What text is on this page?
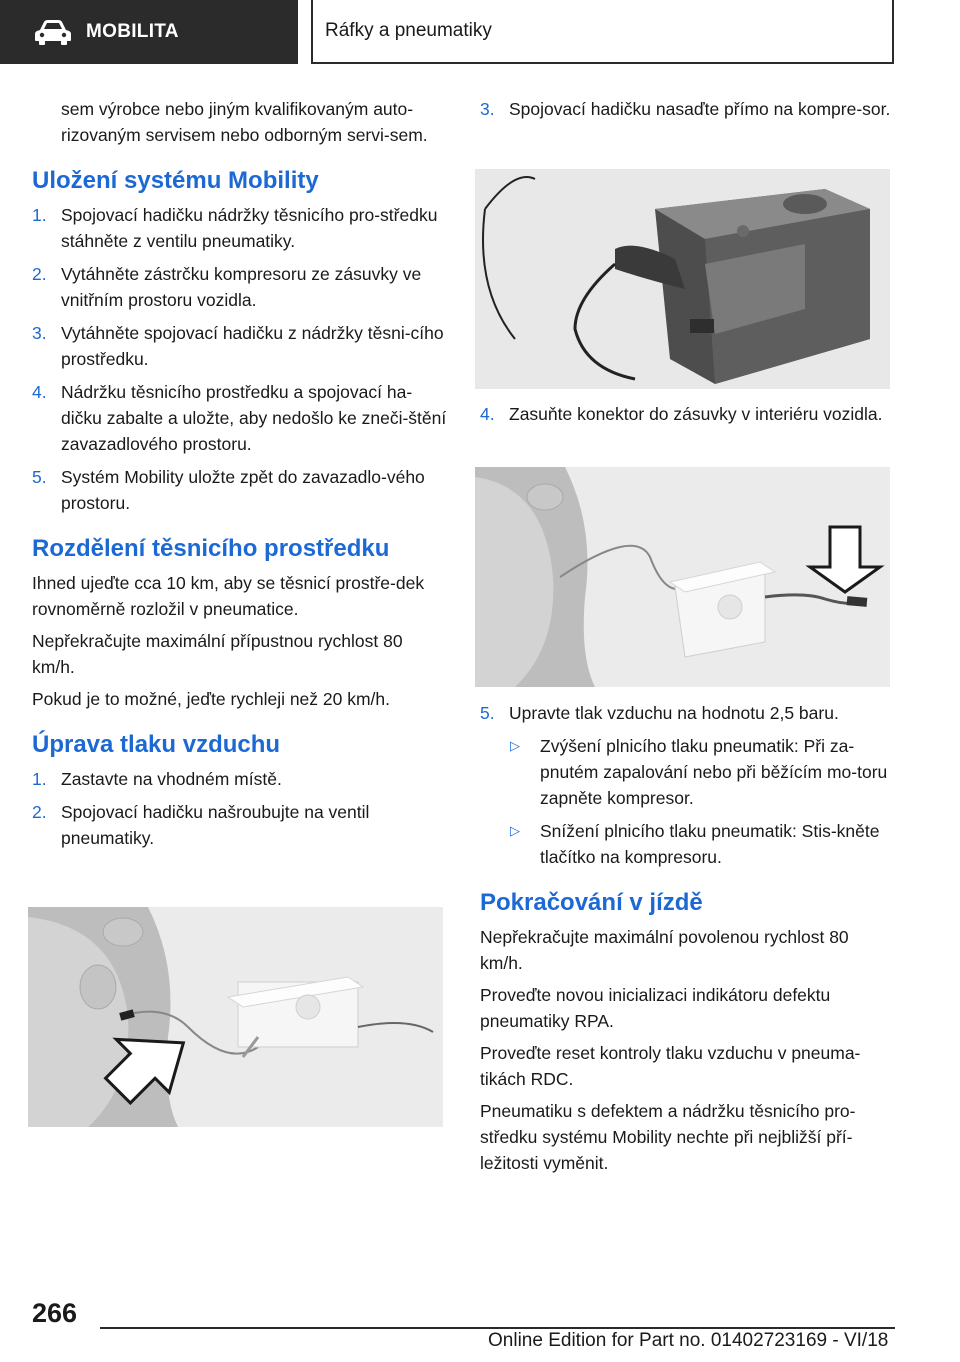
MOBILITA	Ráfky a pneumatiky

sem výrobce nebo jiným kvalifikovaným auto-rizovaným servisem nebo odborným servi-sem.

Uložení systému Mobility
1. Spojovací hadičku nádržky těsnicího pro-středku stáhněte z ventilu pneumatiky.
2. Vytáhněte zástrčku kompresoru ze zásuvky ve vnitřním prostoru vozidla.
3. Vytáhněte spojovací hadičku z nádržky těsni-cího prostředku.
4. Nádržku těsnicího prostředku a spojovací ha-dičku zabalte a uložte, aby nedošlo ke zneči-štění zavazadlového prostoru.
5. Systém Mobility uložte zpět do zavazadlo-vého prostoru.
Rozdělení těsnicího prostředku

Ihned ujeďte cca 10 km, aby se těsnicí prostře-dek rovnoměrně rozložil v pneumatice.

Nepřekračujte maximální přípustnou rychlost 80 km/h.

Pokud je to možné, jeďte rychleji než 20 km/h.

Úprava tlaku vzduchu
1. Zastavte na vhodném místě.
2. Spojovací hadičku našroubujte na ventil pneumatiky.
3. Spojovací hadičku nasaďte přímo na kompre-sor.
4. Zasuňte konektor do zásuvky v interiéru vozidla.
5. Upravte tlak vzduchu na hodnotu 2,5 baru.
▷	Zvýšení plnicího tlaku pneumatik: Při za-pnutém zapalování nebo při běžícím mo-toru zapněte kompresor.
▷	Snížení plnicího tlaku pneumatik: Stis-kněte tlačítko na kompresoru.
Pokračování v jízdě

Nepřekračujte maximální povolenou rychlost 80 km/h.

Proveďte novou inicializaci indikátoru defektu pneumatiky RPA.

Proveďte reset kontroly tlaku vzduchu v pneuma-tikách RDC.

Pneumatiku s defektem a nádržku těsnicího pro-středku systému Mobility nechte při nejbližší pří-ležitosti vyměnit.

266
Online Edition for Part no. 01402723169 - VI/18
